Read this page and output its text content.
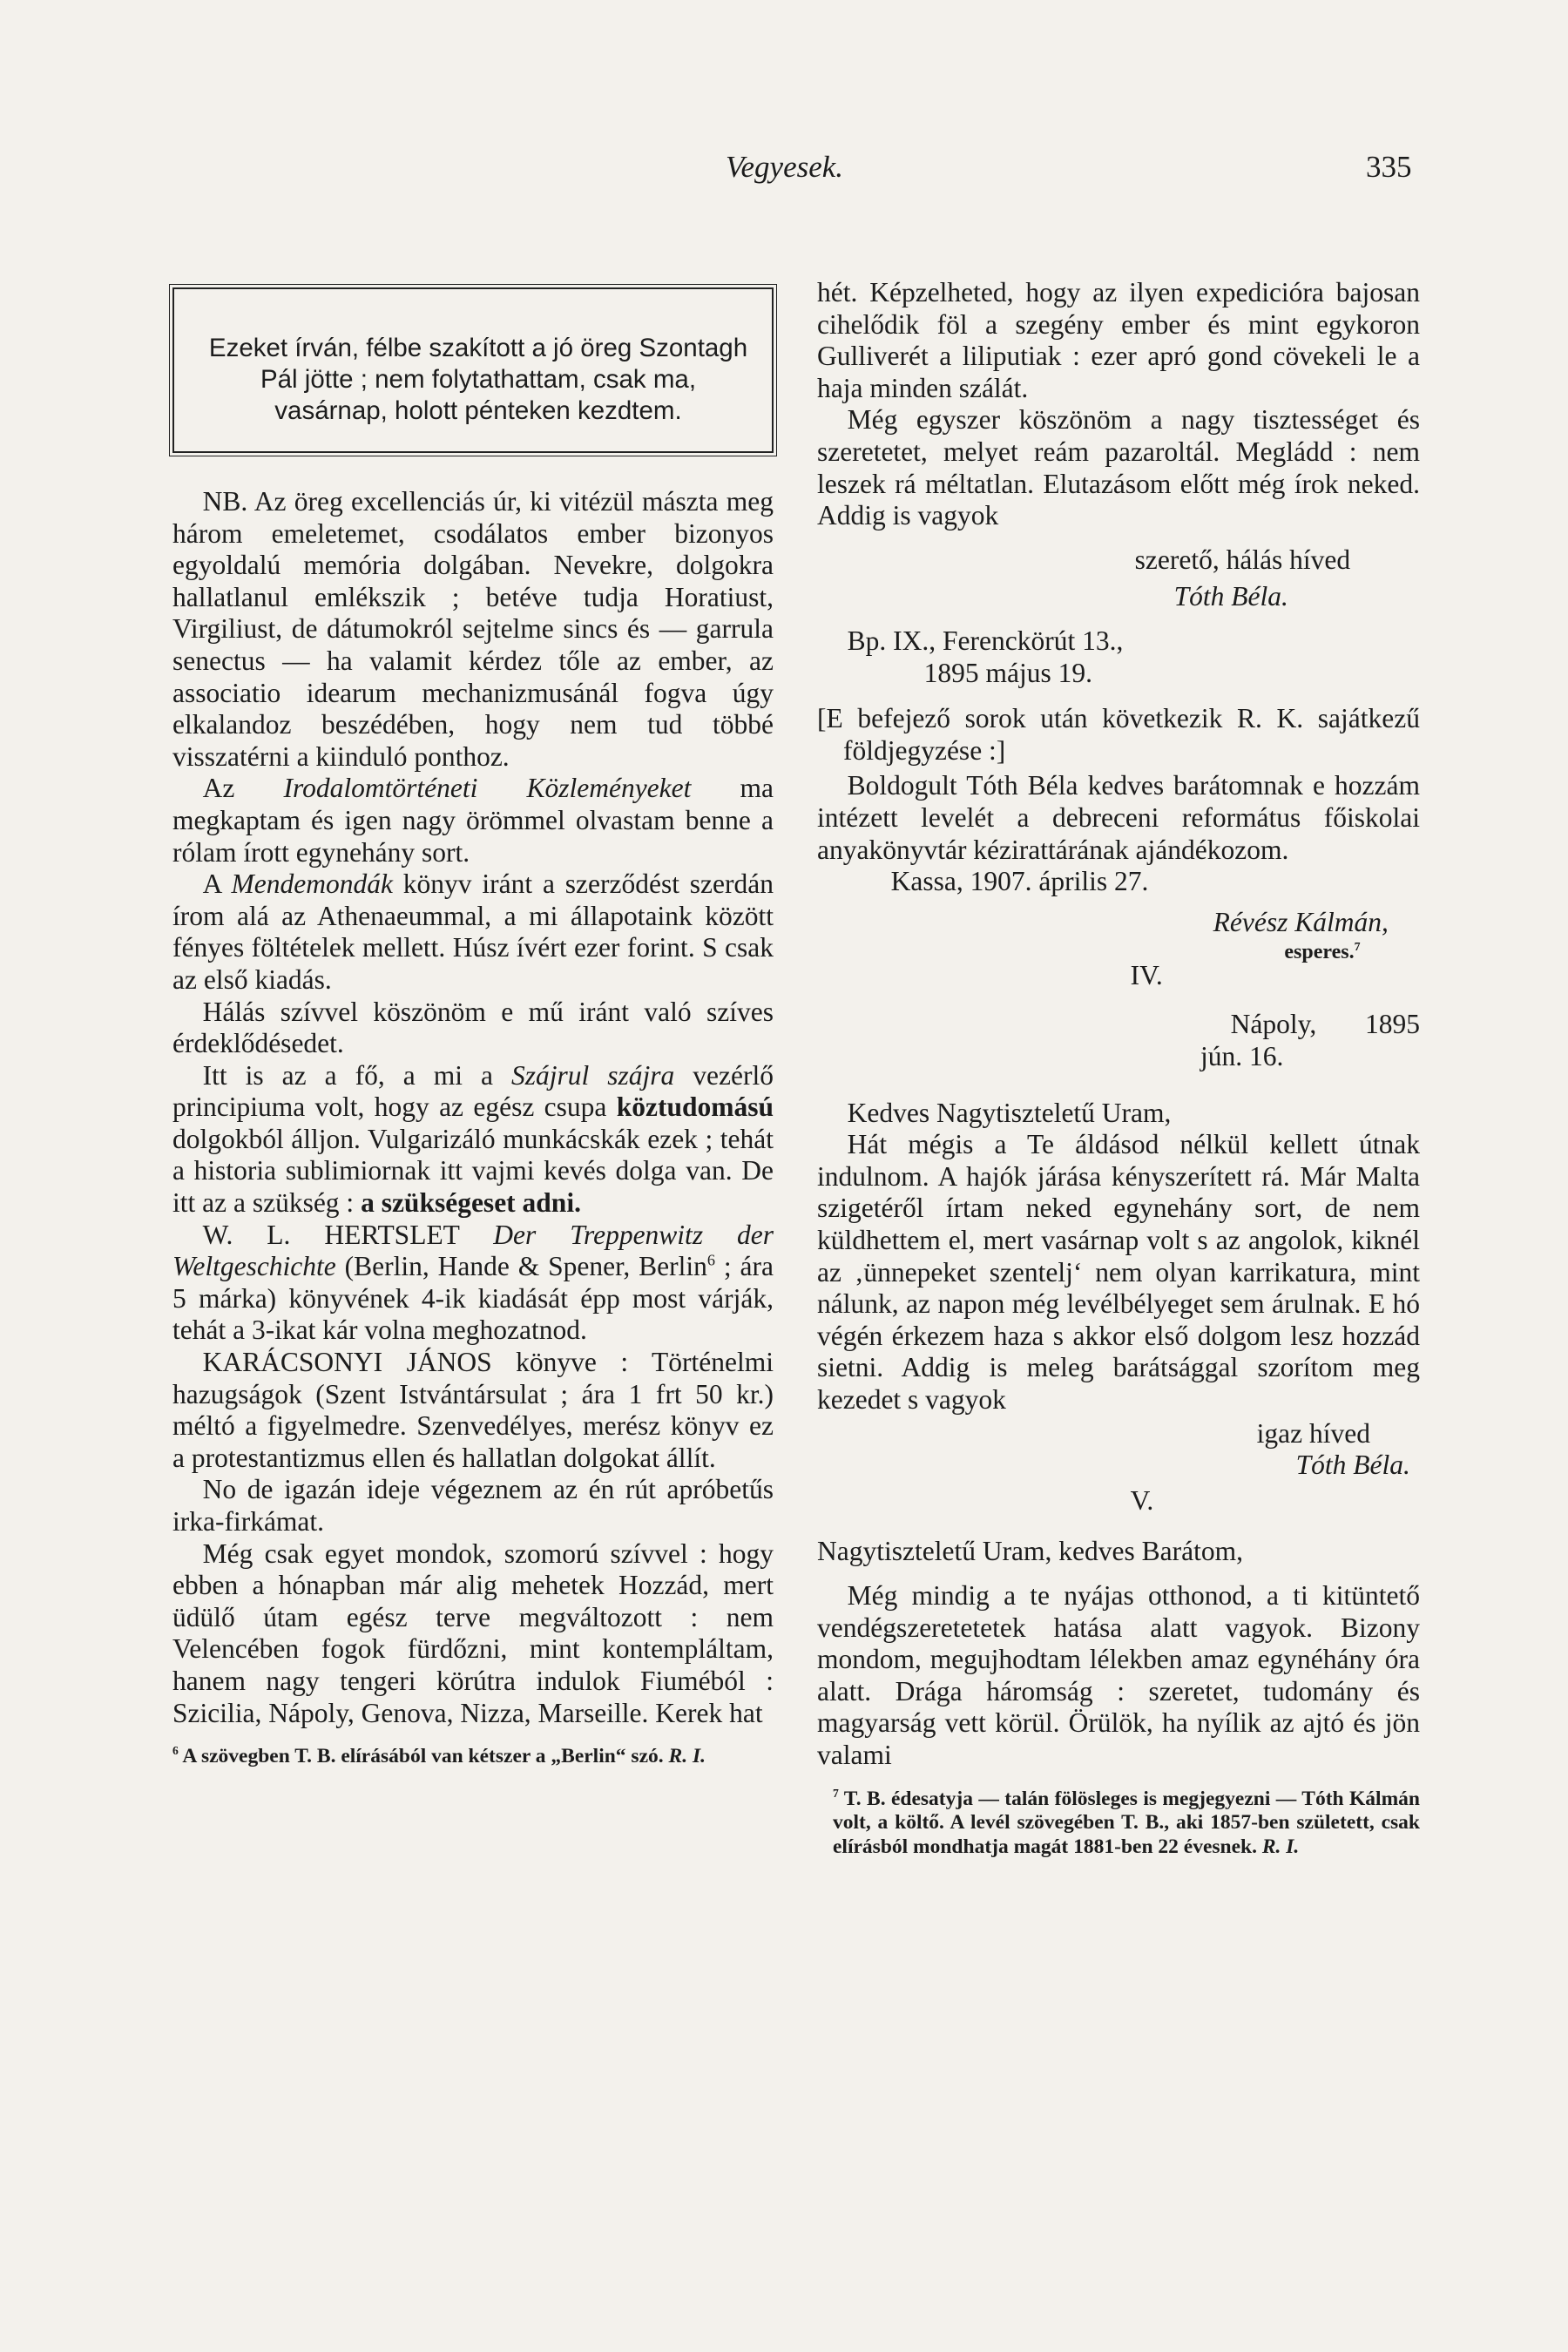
Vegyesek.	335
Ezeket írván, félbe szakított a jó öreg Szontagh Pál jötte ; nem folytathattam, csak ma, vasárnap, holott pénteken kezdtem.

NB. Az öreg excellenciás úr, ki vitézül mászta meg három emeletemet, csodálatos ember bizonyos egyoldalú memória dolgában. Nevekre, dolgokra hallatlanul emlékszik ; betéve tudja Horatiust, Virgiliust, de dátumokról sejtelme sincs és — garrula senectus — ha valamit kérdez tőle az ember, az associatio idearum mechanizmusánál fogva úgy elkalandoz beszédében, hogy nem tud többé visszatérni a kiinduló ponthoz.

Az Irodalomtörténeti Közleményeket ma megkaptam és igen nagy örömmel olvastam benne a rólam írott egynehány sort.

A Mendemondák könyv iránt a szerződést szerdán írom alá az Athenaeummal, a mi állapotaink között fényes föltételek mellett. Húsz ívért ezer forint. S csak az első kiadás.

Hálás szívvel köszönöm e mű iránt való szíves érdeklődésedet.

Itt is az a fő, a mi a Szájrul szájra vezérlő principiuma volt, hogy az egész csupa köztudomású dolgokból álljon. Vulgarizáló munkácskák ezek ; tehát a historia sublimiornak itt vajmi kevés dolga van. De itt az a szükség : a szükségeset adni.

W. L. HERTSLET Der Treppenwitz der Weltgeschichte (Berlin, Hande & Spener, Berlin$^6$ ; ára 5 márka) könyvének 4-ik kiadását épp most várják, tehát a 3-ikat kár volna meghozatnod.

KARÁCSONYI JÁNOS könyve : Történelmi hazugságok (Szent Istvántársulat ; ára 1 frt 50 kr.) méltó a figyelmedre. Szenvedélyes, merész könyv ez a protestantizmus ellen és hallatlan dolgokat állít.

No de igazán ideje végeznem az én rút apróbetűs irka-firkámat.

Még csak egyet mondok, szomorú szívvel : hogy ebben a hónapban már alig mehetek Hozzád, mert üdülő útam egész terve megváltozott : nem Velencében fogok fürdőzni, mint kontempláltam, hanem nagy tengeri körútra indulok Fiuméból : Szicilia, Nápoly, Genova, Nizza, Marseille. Kerek hat

$^6$ A szövegben T. B. elírásából van kétszer a „Berlin“ szó. R. I.

hét. Képzelheted, hogy az ilyen expedicióra bajosan cihelődik föl a szegény ember és mint egykoron Gulliverét a liliputiak : ezer apró gond cövekeli le a haja minden szálát.

Még egyszer köszönöm a nagy tisztességet és szeretetet, melyet reám pazaroltál. Megládd : nem leszek rá méltatlan. Elutazásom előtt még írok neked. Addig is vagyok

szerető, hálás híved

Tóth Béla.

Bp. IX., Ferenckörút 13.,

1895 május 19.

[E befejező sorok után következik R. K. sajátkezű földjegyzése :]

Boldogult Tóth Béla kedves barátomnak e hozzám intézett levelét a debreceni református főiskolai anyakönyvtár kézirattárának ajándékozom.

Kassa, 1907. április 27.

Révész Kálmán,

esperes.$^7$

IV.

Nápoly, 1895 jún. 16.

Kedves Nagytiszteletű Uram,

Hát mégis a Te áldásod nélkül kellett útnak indulnom. A hajók járása kényszerített rá. Már Malta szigetéről írtam neked egynehány sort, de nem küldhettem el, mert vasárnap volt s az angolok, kiknél az ‚ünnepeket szentelj‘ nem olyan karrikatura, mint nálunk, az napon még levélbélyeget sem árulnak. E hó végén érkezem haza s akkor első dolgom lesz hozzád sietni. Addig is meleg barátsággal szorítom meg kezedet s vagyok

igaz híved

Tóth Béla.

V.

Nagytiszteletű Uram, kedves Barátom,

Még mindig a te nyájas otthonod, a ti kitüntető vendégszeretetetek hatása alatt vagyok. Bizony mondom, megujhodtam lélekben amaz egynéhány óra alatt. Drága háromság : szeretet, tudomány és magyarság vett körül. Örülök, ha nyílik az ajtó és jön valami

$^7$ T. B. édesatyja — talán fölösleges is megjegyezni — Tóth Kálmán volt, a költő. A levél szövegében T. B., aki 1857-ben született, csak elírásból mondhatja magát 1881-ben 22 évesnek. R. I.
